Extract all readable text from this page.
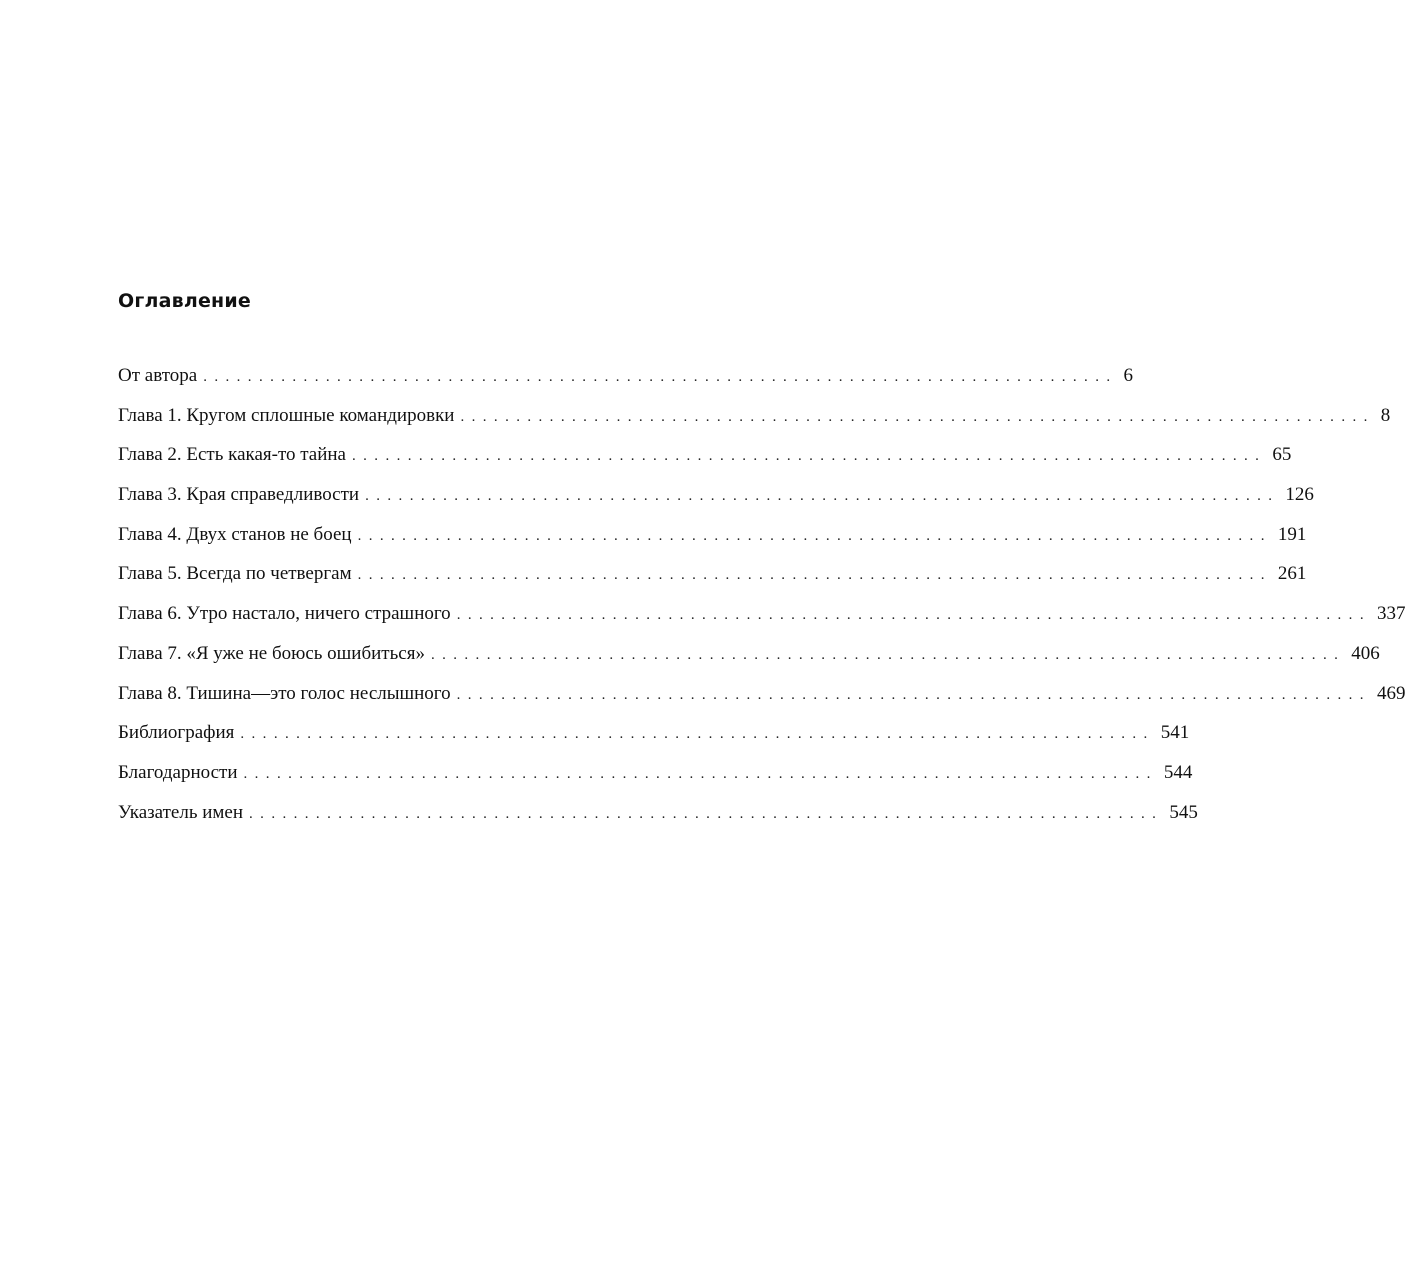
Оглавление
От автора .................................................................................. 6
Глава 1. Кругом сплошные командировки .................................................................................. 8
Глава 2. Есть какая-то тайна .................................................................................. 65
Глава 3. Края справедливости .................................................................................. 126
Глава 4. Двух станов не боец .................................................................................. 191
Глава 5. Всегда по четвергам .................................................................................. 261
Глава 6. Утро настало, ничего страшного .................................................................................. 337
Глава 7. «Я уже не боюсь ошибиться» .................................................................................. 406
Глава 8. Тишина—это голос неслышного .................................................................................. 469
Библиография .................................................................................. 541
Благодарности .................................................................................. 544
Указатель имен .................................................................................. 545
